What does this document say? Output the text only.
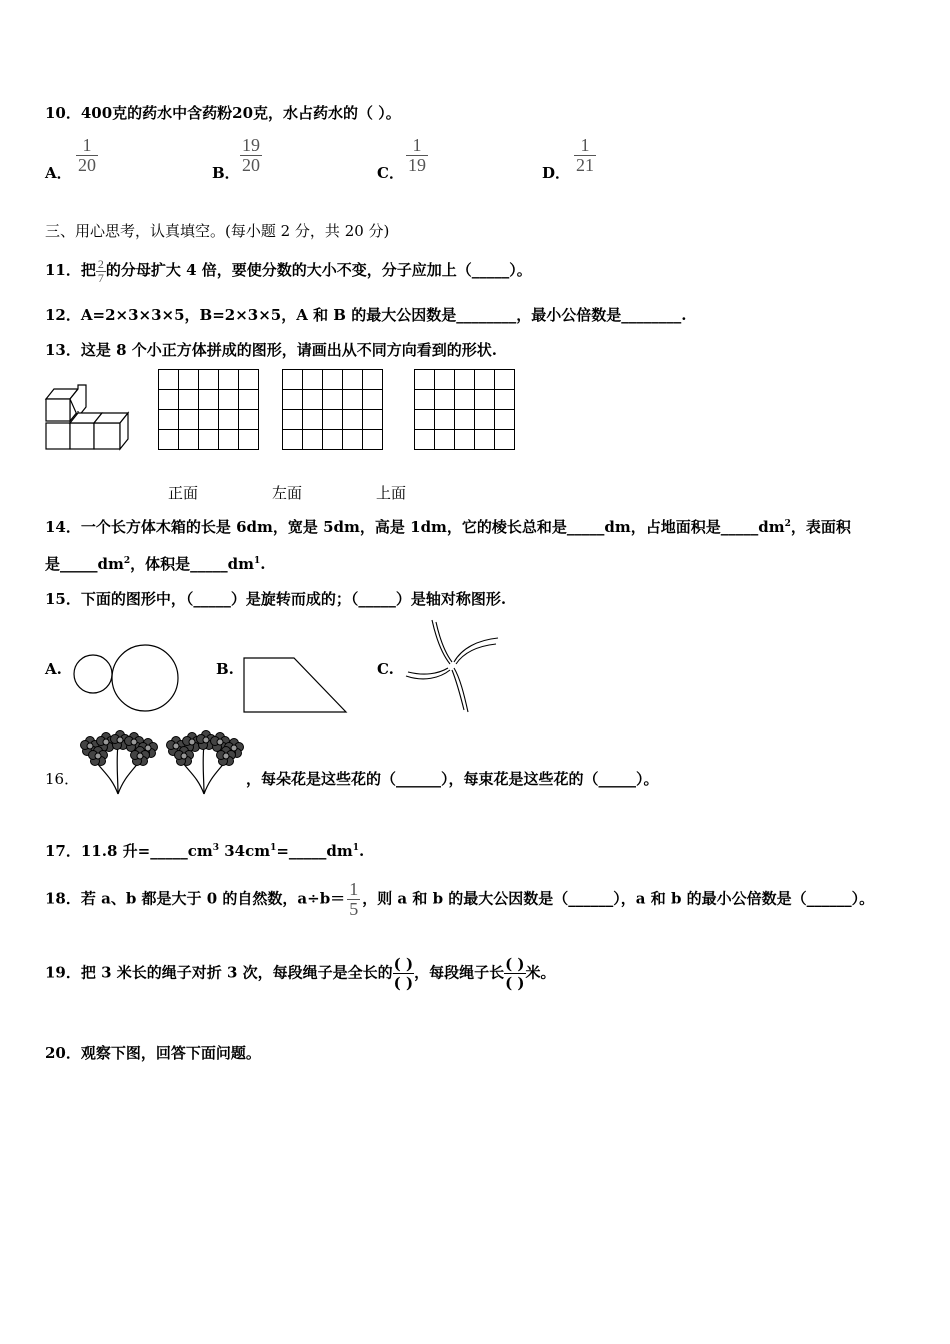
10．400克的药水中含药粉20克，水占药水的（ ）。
A． $\frac{1}{20}$	B． $\frac{19}{20}$	C． $\frac{1}{19}$	D． $\frac{1}{21}$
三、用心思考，认真填空。(每小题 2 分，共 20 分)
11．把 $\frac{2}{7}$ 的分母扩大 4 倍，要使分数的大小不变，分子应加上（_____）。
12．A=2×3×3×5，B=2×3×5，A 和 B 的最大公因数是________，最小公倍数是________.
13．这是 8 个小正方体拼成的图形，请画出从不同方向看到的形状.

正面	左面	上面
14．一个长方体木箱的长是 6dm，宽是 5dm，高是 1dm，它的棱长总和是_____dm，占地面积是$\_\_\_\_\_dm^2$，表面积
是$\_\_\_\_\_dm^2$，体积是$\_\_\_\_\_dm^1$.
15．下面的图形中，（_____）是旋转而成的；（_____）是轴对称图形.
A.	B.	C.
16．	，每朵花是这些花的（______），每束花是这些花的（_____）。
17．11.8 升$=\_\_\_\_\_cm^3$ $34cm^1=\_\_\_\_\_dm^1$.
18．若 a、b 都是大于 0 的自然数，$a\div b= \frac{1}{5}$ ，则 a 和 b 的最大公因数是（______），a 和 b 的最小公倍数是（______）。
19．把 3 米长的绳子对折 3 次，每段绳子是全长的 ( )
( )，每段绳子长 ( )
( )米。
20．观察下图，回答下面问题。
